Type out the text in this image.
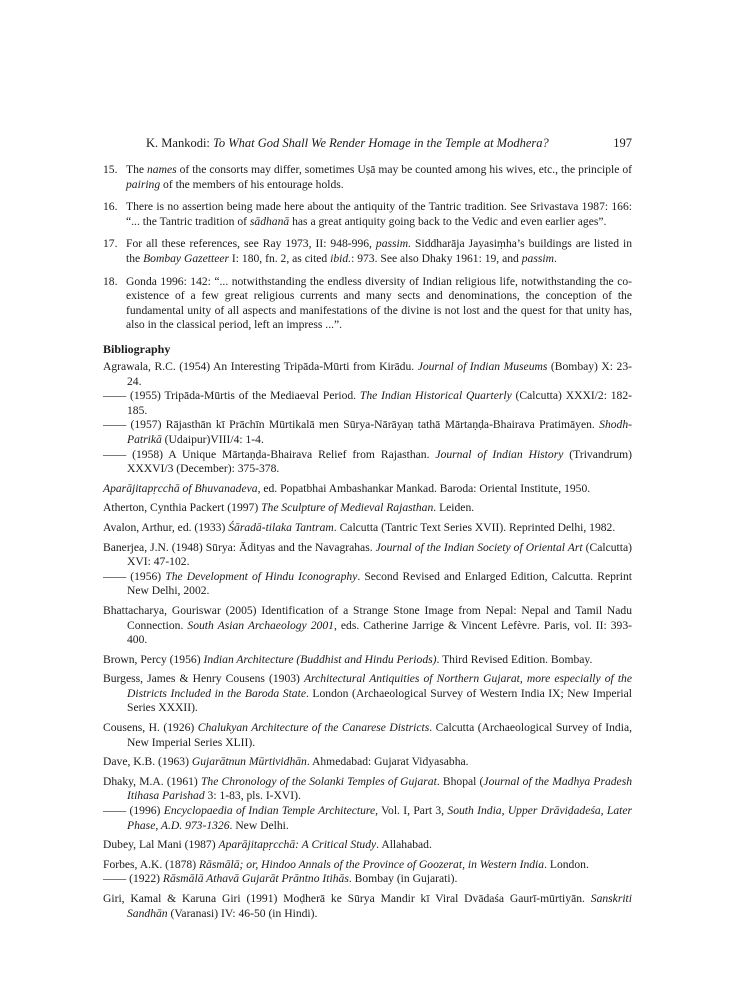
K. Mankodi: To What God Shall We Render Homage in the Temple at Modhera?	197
15. The names of the consorts may differ, sometimes Uṣā may be counted among his wives, etc., the principle of pairing of the members of his entourage holds.
16. There is no assertion being made here about the antiquity of the Tantric tradition. See Srivastava 1987: 166: “... the Tantric tradition of sādhanā has a great antiquity going back to the Vedic and even earlier ages”.
17. For all these references, see Ray 1973, II: 948-996, passim. Siddharāja Jayasiṃha’s buildings are listed in the Bombay Gazetteer I: 180, fn. 2, as cited ibid.: 973. See also Dhaky 1961: 19, and passim.
18. Gonda 1996: 142: “... notwithstanding the endless diversity of Indian religious life, notwithstanding the co-existence of a few great religious currents and many sects and denominations, the conception of the fundamental unity of all aspects and manifestations of the divine is not lost and the quest for that unity has, also in the classical period, left an impress ...”.
Bibliography
Agrawala, R.C. (1954) An Interesting Tripāda-Mūrti from Kirādu. Journal of Indian Museums (Bombay) X: 23-24.
—— (1955) Tripāda-Mūrtis of the Mediaeval Period. The Indian Historical Quarterly (Calcutta) XXXI/2: 182-185.
—— (1957) Rājasthān kī Prāchīn Mūrtikalā men Sūrya-Nārāyaṇ tathā Mārtaṇḍa-Bhairava Pratimāyen. Shodh-Patrikā (Udaipur)VIII/4: 1-4.
—— (1958) A Unique Mārtaṇḍa-Bhairava Relief from Rajasthan. Journal of Indian History (Trivandrum) XXXVI/3 (December): 375-378.
Aparājitapṛcchā of Bhuvanadeva, ed. Popatbhai Ambashankar Mankad. Baroda: Oriental Institute, 1950.
Atherton, Cynthia Packert (1997) The Sculpture of Medieval Rajasthan. Leiden.
Avalon, Arthur, ed. (1933) Śāradā-tilaka Tantram. Calcutta (Tantric Text Series XVII). Reprinted Delhi, 1982.
Banerjea, J.N. (1948) Sūrya: Ādityas and the Navagrahas. Journal of the Indian Society of Oriental Art (Calcutta) XVI: 47-102.
—— (1956) The Development of Hindu Iconography. Second Revised and Enlarged Edition, Calcutta. Reprint New Delhi, 2002.
Bhattacharya, Gouriswar (2005) Identification of a Strange Stone Image from Nepal: Nepal and Tamil Nadu Connection. South Asian Archaeology 2001, eds. Catherine Jarrige & Vincent Lefèvre. Paris, vol. II: 393-400.
Brown, Percy (1956) Indian Architecture (Buddhist and Hindu Periods). Third Revised Edition. Bombay.
Burgess, James & Henry Cousens (1903) Architectural Antiquities of Northern Gujarat, more especially of the Districts Included in the Baroda State. London (Archaeological Survey of Western India IX; New Imperial Series XXXII).
Cousens, H. (1926) Chalukyan Architecture of the Canarese Districts. Calcutta (Archaeological Survey of India, New Imperial Series XLII).
Dave, K.B. (1963) Gujarātnun Mūrtividhān. Ahmedabad: Gujarat Vidyasabha.
Dhaky, M.A. (1961) The Chronology of the Solanki Temples of Gujarat. Bhopal (Journal of the Madhya Pradesh Itihasa Parishad 3: 1-83, pls. I-XVI).
—— (1996) Encyclopaedia of Indian Temple Architecture, Vol. I, Part 3, South India, Upper Drāviḍadeśa, Later Phase, A.D. 973-1326. New Delhi.
Dubey, Lal Mani (1987) Aparājitapṛcchā: A Critical Study. Allahabad.
Forbes, A.K. (1878) Rāsmālā; or, Hindoo Annals of the Province of Goozerat, in Western India. London.
—— (1922) Rāsmālā Athavā Gujarāt Prāntno Itihās. Bombay (in Gujarati).
Giri, Kamal & Karuna Giri (1991) Moḍherā ke Sūrya Mandir kī Viral Dvādaśa Gaurī-mūrtiyān. Sanskriti Sandhān (Varanasi) IV: 46-50 (in Hindi).
